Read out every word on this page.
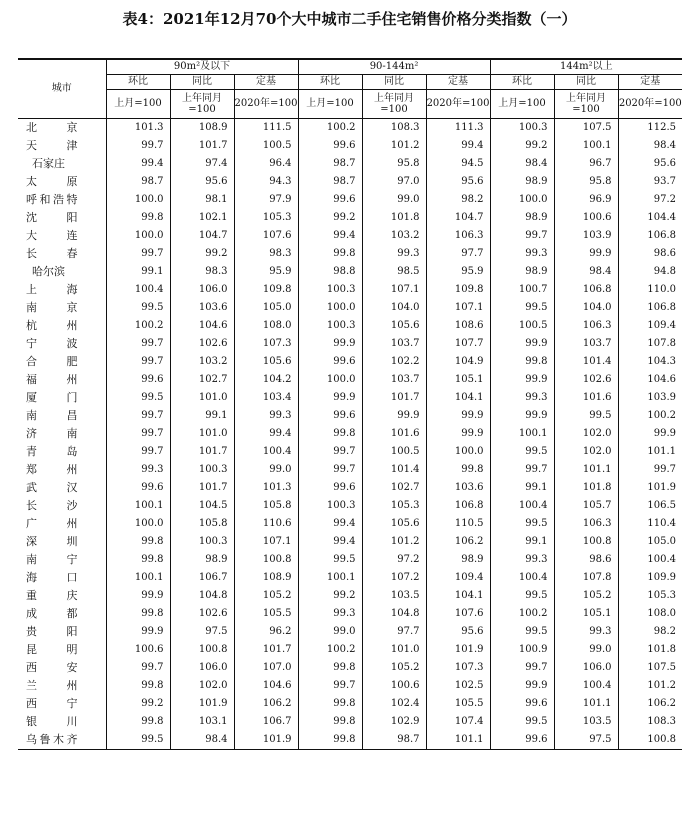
表4：2021年12月70个大中城市二手住宅销售价格分类指数（一）
城市	90m²及以下			90-144m²			144m²以上		
	环比	同比	定基	环比	同比	定基	环比	同比	定基
	上月=100	上年同月=100	2020年=100	上月=100	上年同月=100	2020年=100	上月=100	上年同月=100	2020年=100

北京	101.3	108.9	111.5	100.2	108.3	111.3	100.3	107.5	112.5

天津	99.7	101.7	100.5	99.6	101.2	99.4	99.2	100.1	98.4

石家庄	99.4	97.4	96.4	98.7	95.8	94.5	98.4	96.7	95.6

太原	98.7	95.6	94.3	98.7	97.0	95.6	98.9	95.8	93.7

呼和浩特	100.0	98.1	97.9	99.6	99.0	98.2	100.0	96.9	97.2

沈阳	99.8	102.1	105.3	99.2	101.8	104.7	98.9	100.6	104.4

大连	100.0	104.7	107.6	99.4	103.2	106.3	99.7	103.9	106.8

长春	99.7	99.2	98.3	99.8	99.3	97.7	99.3	99.9	98.6

哈尔滨	99.1	98.3	95.9	98.8	98.5	95.9	98.9	98.4	94.8

上海	100.4	106.0	109.8	100.3	107.1	109.8	100.7	106.8	110.0

南京	99.5	103.6	105.0	100.0	104.0	107.1	99.5	104.0	106.8

杭州	100.2	104.6	108.0	100.3	105.6	108.6	100.5	106.3	109.4

宁波	99.7	102.6	107.3	99.9	103.7	107.7	99.9	103.7	107.8

合肥	99.7	103.2	105.6	99.6	102.2	104.9	99.8	101.4	104.3

福州	99.6	102.7	104.2	100.0	103.7	105.1	99.9	102.6	104.6

厦门	99.5	101.0	103.4	99.9	101.7	104.1	99.3	101.6	103.9

南昌	99.7	99.1	99.3	99.6	99.9	99.9	99.9	99.5	100.2

济南	99.7	101.0	99.4	99.8	101.6	99.9	100.1	102.0	99.9

青岛	99.7	101.7	100.4	99.7	100.5	100.0	99.5	102.0	101.1

郑州	99.3	100.3	99.0	99.7	101.4	99.8	99.7	101.1	99.7

武汉	99.6	101.7	101.3	99.6	102.7	103.6	99.1	101.8	101.9

长沙	100.1	104.5	105.8	100.3	105.3	106.8	100.4	105.7	106.5

广州	100.0	105.8	110.6	99.4	105.6	110.5	99.5	106.3	110.4

深圳	99.8	100.3	107.1	99.4	101.2	106.2	99.1	100.8	105.0

南宁	99.8	98.9	100.8	99.5	97.2	98.9	99.3	98.6	100.4

海口	100.1	106.7	108.9	100.1	107.2	109.4	100.4	107.8	109.9

重庆	99.9	104.8	105.2	99.2	103.5	104.1	99.5	105.2	105.3

成都	99.8	102.6	105.5	99.3	104.8	107.6	100.2	105.1	108.0

贵阳	99.9	97.5	96.2	99.0	97.7	95.6	99.5	99.3	98.2

昆明	100.6	100.8	101.7	100.2	101.0	101.9	100.9	99.0	101.8

西安	99.7	106.0	107.0	99.8	105.2	107.3	99.7	106.0	107.5

兰州	99.8	102.0	104.6	99.7	100.6	102.5	99.9	100.4	101.2

西宁	99.2	101.9	106.2	99.8	102.4	105.5	99.6	101.1	106.2

银川	99.8	103.1	106.7	99.8	102.9	107.4	99.5	103.5	108.3

乌鲁木齐	99.5	98.4	101.9	99.8	98.7	101.1	99.6	97.5	100.8
